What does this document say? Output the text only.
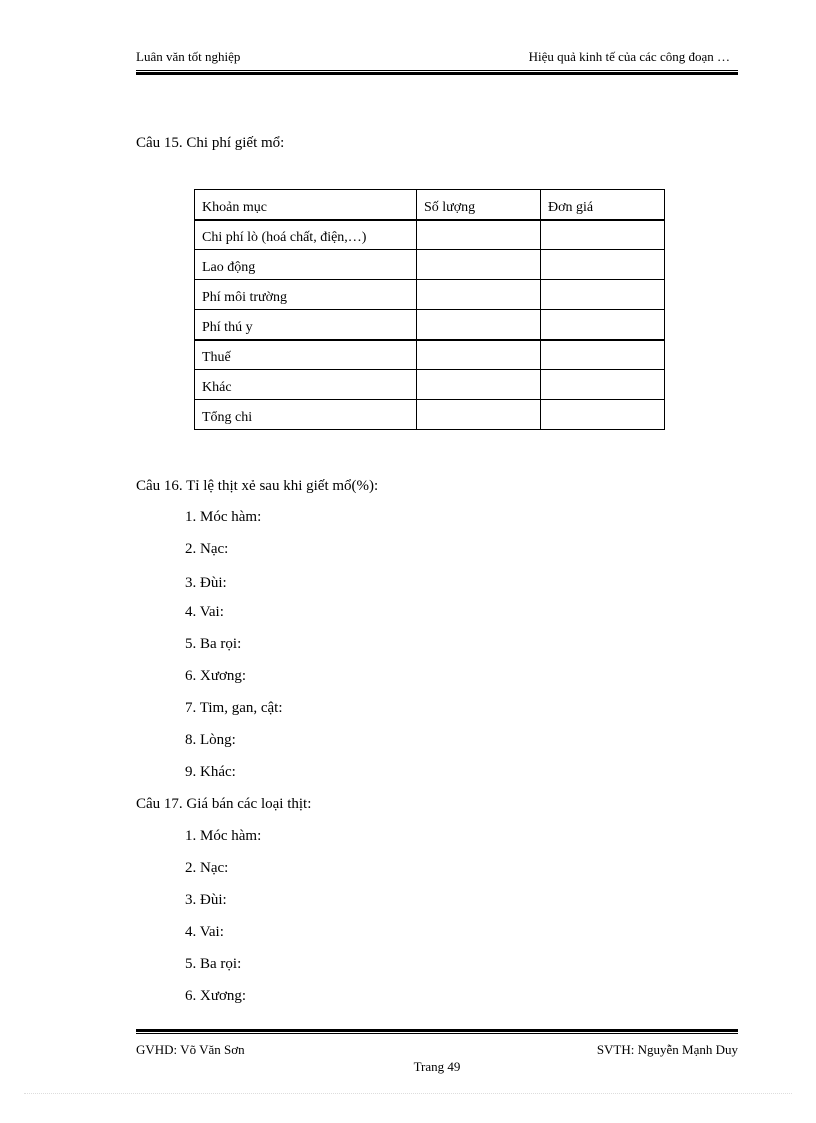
Luân văn tốt nghiệp	Hiệu quả kinh tế của các công đoạn …
Câu 15. Chi phí giết mổ:
Khoản mục	Số lượng	Đơn giá
Chi phí lò (hoá chất, điện,…)		
Lao động		
Phí môi trường		
Phí thú y		
Thuế		
Khác		
Tổng chi		
Câu 16. Tỉ lệ thịt xẻ sau khi giết mổ(%):
1. Móc hàm:
2. Nạc:
3. Đùi:
4. Vai:
5. Ba rọi:
6. Xương:
7. Tim, gan, cật:
8. Lòng:
9. Khác:
Câu 17. Giá bán các loại thịt:
1. Móc hàm:
2. Nạc:
3. Đùi:
4. Vai:
5. Ba rọi:
6. Xương:
GVHD: Võ Văn Sơn	SVTH: Nguyễn Mạnh Duy
Trang 49
